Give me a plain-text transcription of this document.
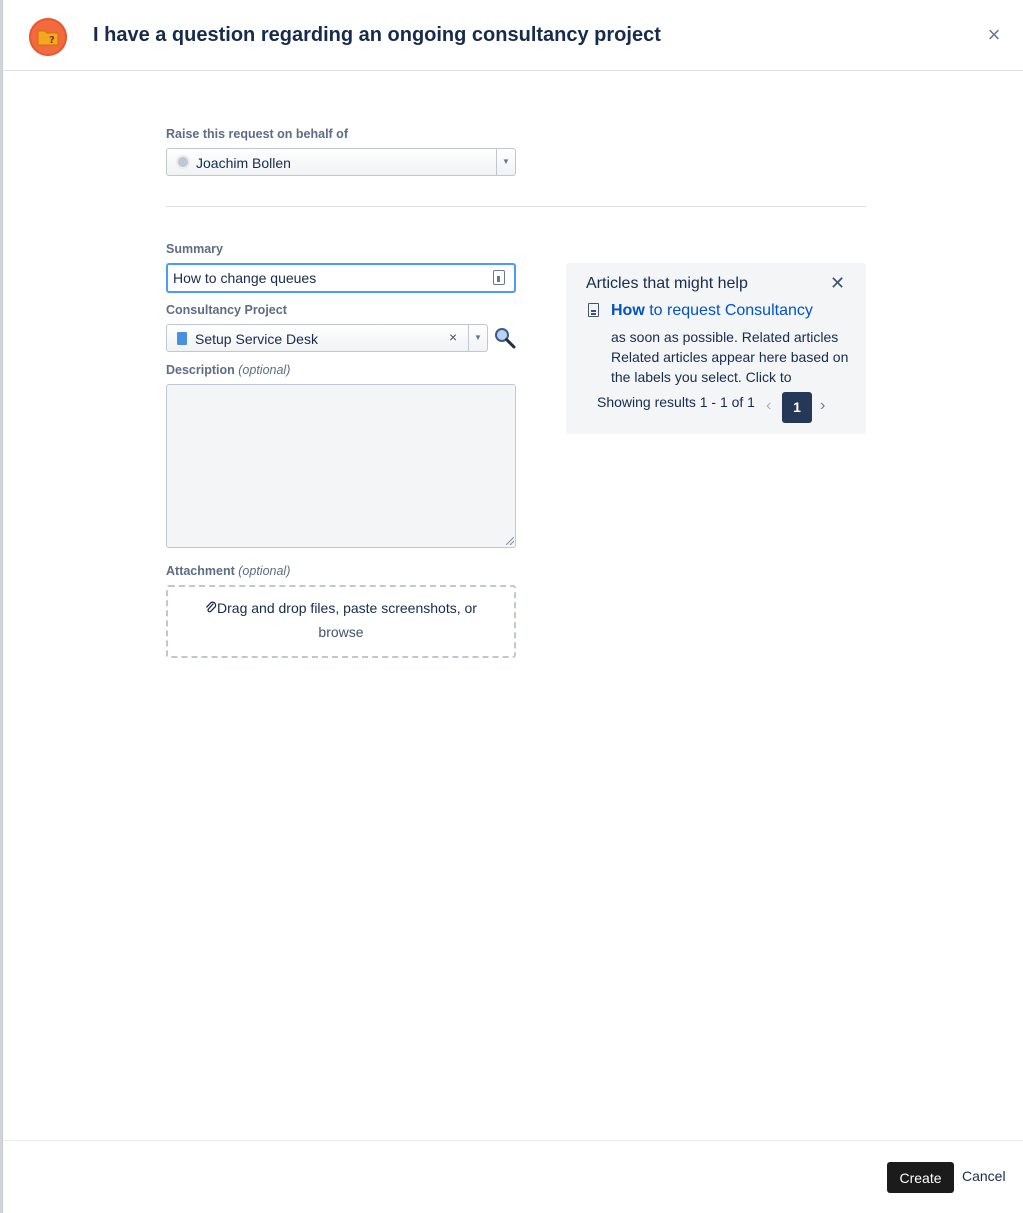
? I have a question regarding an ongoing consultancy project	×
Raise this request on behalf of
Joachim Bollen	▼
Summary
How to change queues
Consultancy Project
Setup Service Desk	×	▼
Description (optional)
Attachment (optional)
Drag and drop files, paste screenshots, or
browse
Articles that might help	✕
How to request Consultancy
as soon as possible. Related articles Related articles appear here based on the labels you select. Click to
Showing results 1 - 1 of 1 ‹	1	›
Create	Cancel
